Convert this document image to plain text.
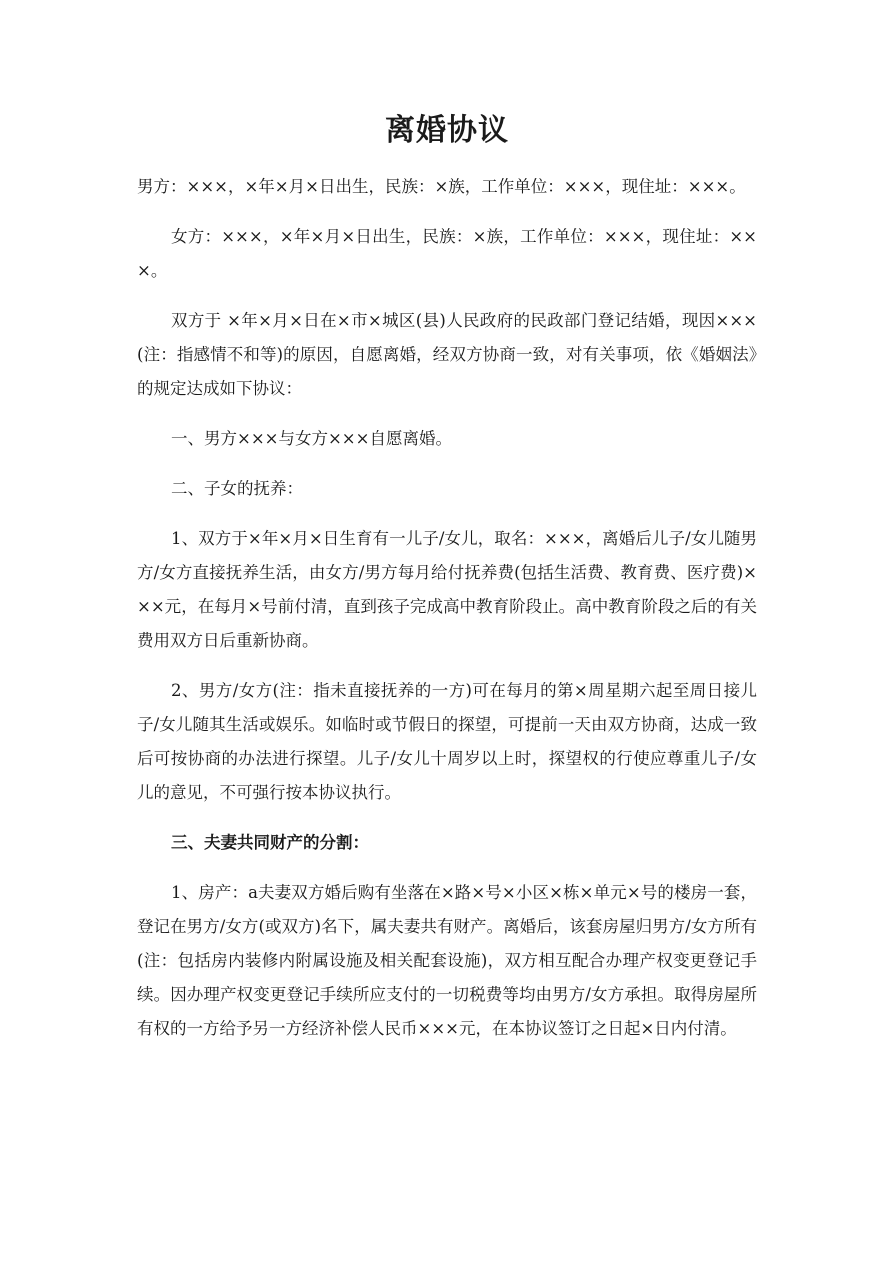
离婚协议

男方：×××，×年×月×日出生，民族：×族，工作单位：×××，现住址：×××。

女方：×××，×年×月×日出生，民族：×族，工作单位：×××，现住址：×××。

双方于 ×年×月×日在×市×城区(县)人民政府的民政部门登记结婚，现因×××(注：指感情不和等)的原因，自愿离婚，经双方协商一致，对有关事项，依《婚姻法》的规定达成如下协议：

一、男方×××与女方×××自愿离婚。

二、子女的抚养：

1、双方于×年×月×日生育有一儿子/女儿，取名：×××，离婚后儿子/女儿随男方/女方直接抚养生活，由女方/男方每月给付抚养费(包括生活费、教育费、医疗费)×××元，在每月×号前付清，直到孩子完成高中教育阶段止。高中教育阶段之后的有关费用双方日后重新协商。

2、男方/女方(注：指未直接抚养的一方)可在每月的第×周星期六起至周日接儿子/女儿随其生活或娱乐。如临时或节假日的探望，可提前一天由双方协商，达成一致后可按协商的办法进行探望。儿子/女儿十周岁以上时，探望权的行使应尊重儿子/女儿的意见，不可强行按本协议执行。

三、夫妻共同财产的分割：

1、房产：a夫妻双方婚后购有坐落在×路×号×小区×栋×单元×号的楼房一套，登记在男方/女方(或双方)名下，属夫妻共有财产。离婚后，该套房屋归男方/女方所有(注：包括房内装修内附属设施及相关配套设施)，双方相互配合办理产权变更登记手续。因办理产权变更登记手续所应支付的一切税费等均由男方/女方承担。取得房屋所有权的一方给予另一方经济补偿人民币×××元，在本协议签订之日起×日内付清。
